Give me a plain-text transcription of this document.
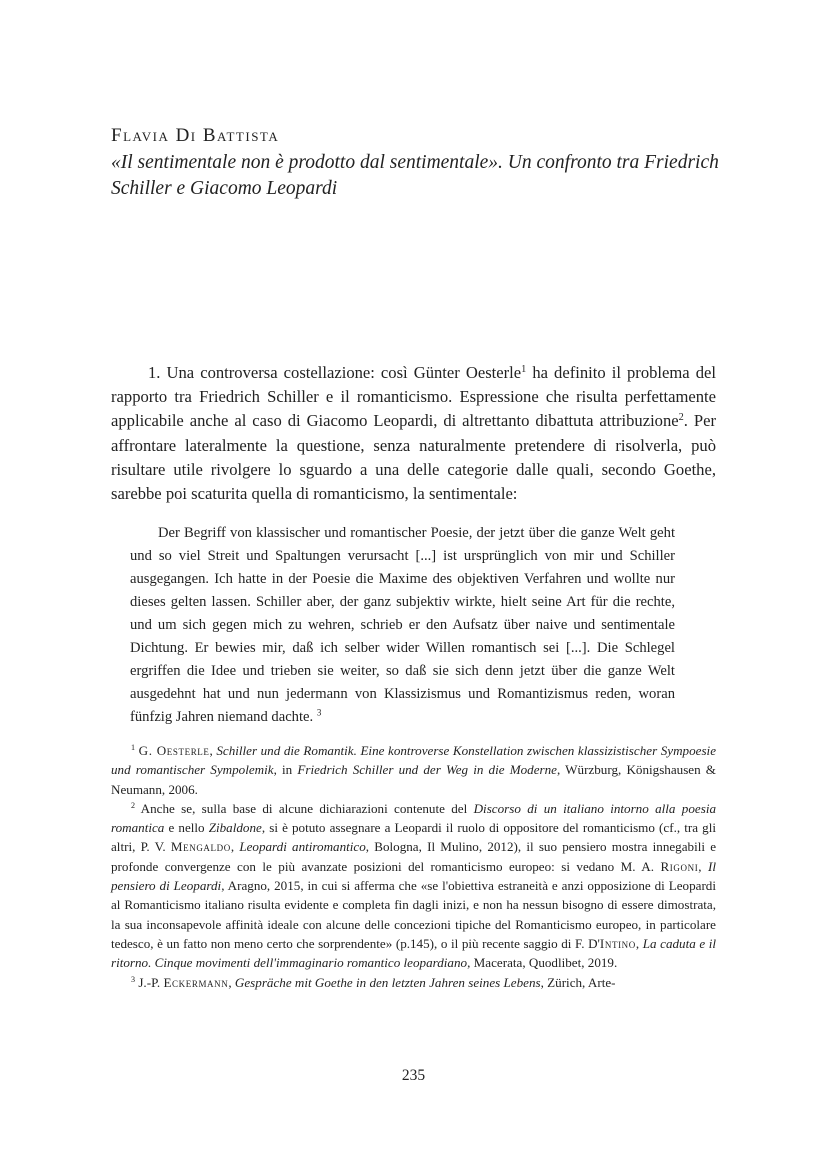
Flavia Di Battista
«Il sentimentale non è prodotto dal sentimentale». Un confronto tra Friedrich Schiller e Giacomo Leopardi

1. Una controversa costellazione: così Günter Oesterle$^1$ ha definito il problema del rapporto tra Friedrich Schiller e il romanticismo. Espressione che risulta perfettamente applicabile anche al caso di Giacomo Leopardi, di altrettanto dibattuta attribuzione$^2$. Per affrontare lateralmente la questione, senza naturalmente pretendere di risolverla, può risultare utile rivolgere lo sguardo a una delle categorie dalle quali, secondo Goethe, sarebbe poi scaturita quella di romanticismo, la sentimentale:

Der Begriff von klassischer und romantischer Poesie, der jetzt über die ganze Welt geht und so viel Streit und Spaltungen verursacht [...] ist ursprünglich von mir und Schiller ausgegangen. Ich hatte in der Poesie die Maxime des objektiven Verfahren und wollte nur dieses gelten lassen. Schiller aber, der ganz subjektiv wirkte, hielt seine Art für die rechte, und um sich gegen mich zu wehren, schrieb er den Aufsatz über naive und sentimentale Dichtung. Er bewies mir, daß ich selber wider Willen romantisch sei [...]. Die Schlegel ergriffen die Idee und trieben sie weiter, so daß sie sich denn jetzt über die ganze Welt ausgedehnt hat und nun jedermann von Klassizismus und Romantizismus reden, woran fünfzig Jahren niemand dachte. $^3$

$^1$ G. Oesterle, Schiller und die Romantik. Eine kontroverse Konstellation zwischen klassizistischer Sympoesie und romantischer Sympolemik, in Friedrich Schiller und der Weg in die Moderne, Würzburg, Königshausen & Neumann, 2006.

$^2$ Anche se, sulla base di alcune dichiarazioni contenute del Discorso di un italiano intorno alla poesia romantica e nello Zibaldone, si è potuto assegnare a Leopardi il ruolo di oppositore del romanticismo (cf., tra gli altri, P. V. Mengaldo, Leopardi antiromantico, Bologna, Il Mulino, 2012), il suo pensiero mostra innegabili e profonde convergenze con le più avanzate posizioni del romanticismo europeo: si vedano M. A. Rigoni, Il pensiero di Leopardi, Aragno, 2015, in cui si afferma che «se l'obiettiva estraneità e anzi opposizione di Leopardi al Romanticismo italiano risulta evidente e completa fin dagli inizi, e non ha nessun bisogno di essere dimostrata, la sua inconsapevole affinità ideale con alcune delle concezioni tipiche del Romanticismo europeo, in particolare tedesco, è un fatto non meno certo che sorprendente» (p.145), o il più recente saggio di F. D'Intino, La caduta e il ritorno. Cinque movimenti dell'immaginario romantico leopardiano, Macerata, Quodlibet, 2019.

$^3$ J.-P. Eckermann, Gespräche mit Goethe in den letzten Jahren seines Lebens, Zürich, Arte-

235
